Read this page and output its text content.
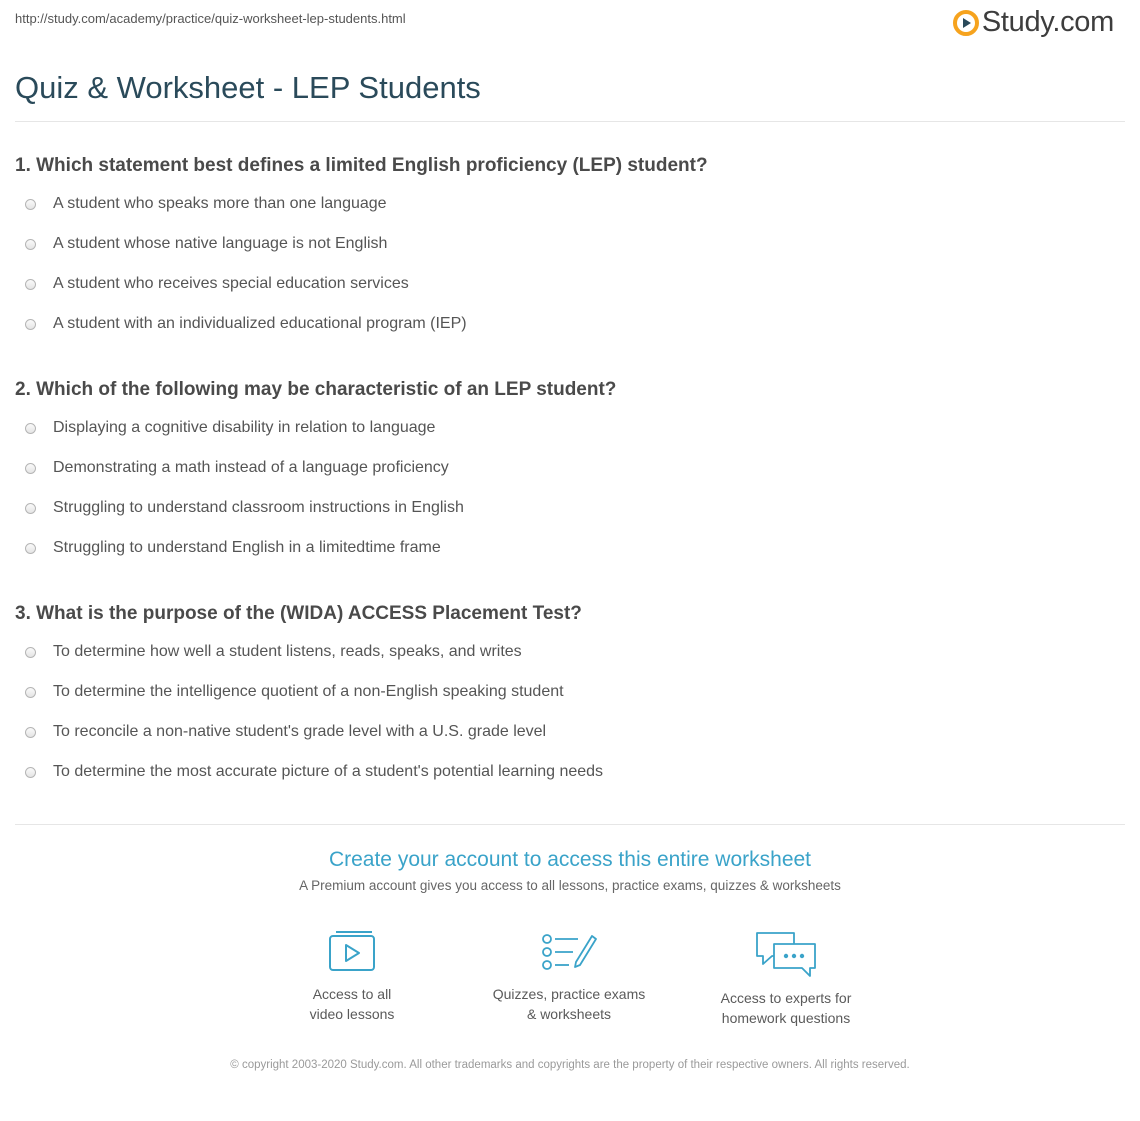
http://study.com/academy/practice/quiz-worksheet-lep-students.html	Study.com
Quiz & Worksheet - LEP Students

1. Which statement best defines a limited English proficiency (LEP) student?

A student who speaks more than one language
A student whose native language is not English
A student who receives special education services
A student with an individualized educational program (IEP)

2. Which of the following may be characteristic of an LEP student?

Displaying a cognitive disability in relation to language
Demonstrating a math instead of a language proficiency
Struggling to understand classroom instructions in English
Struggling to understand English in a limitedtime frame

3. What is the purpose of the (WIDA) ACCESS Placement Test?

To determine how well a student listens, reads, speaks, and writes
To determine the intelligence quotient of a non-English speaking student
To reconcile a non-native student's grade level with a U.S. grade level
To determine the most accurate picture of a student's potential learning needs

Create your account to access this entire worksheet

A Premium account gives you access to all lessons, practice exams, quizzes & worksheets
Access to all
video lessons
Quizzes, practice exams
& worksheets
Access to experts for
homework questions
© copyright 2003-2020 Study.com. All other trademarks and copyrights are the property of their respective owners. All rights reserved.
